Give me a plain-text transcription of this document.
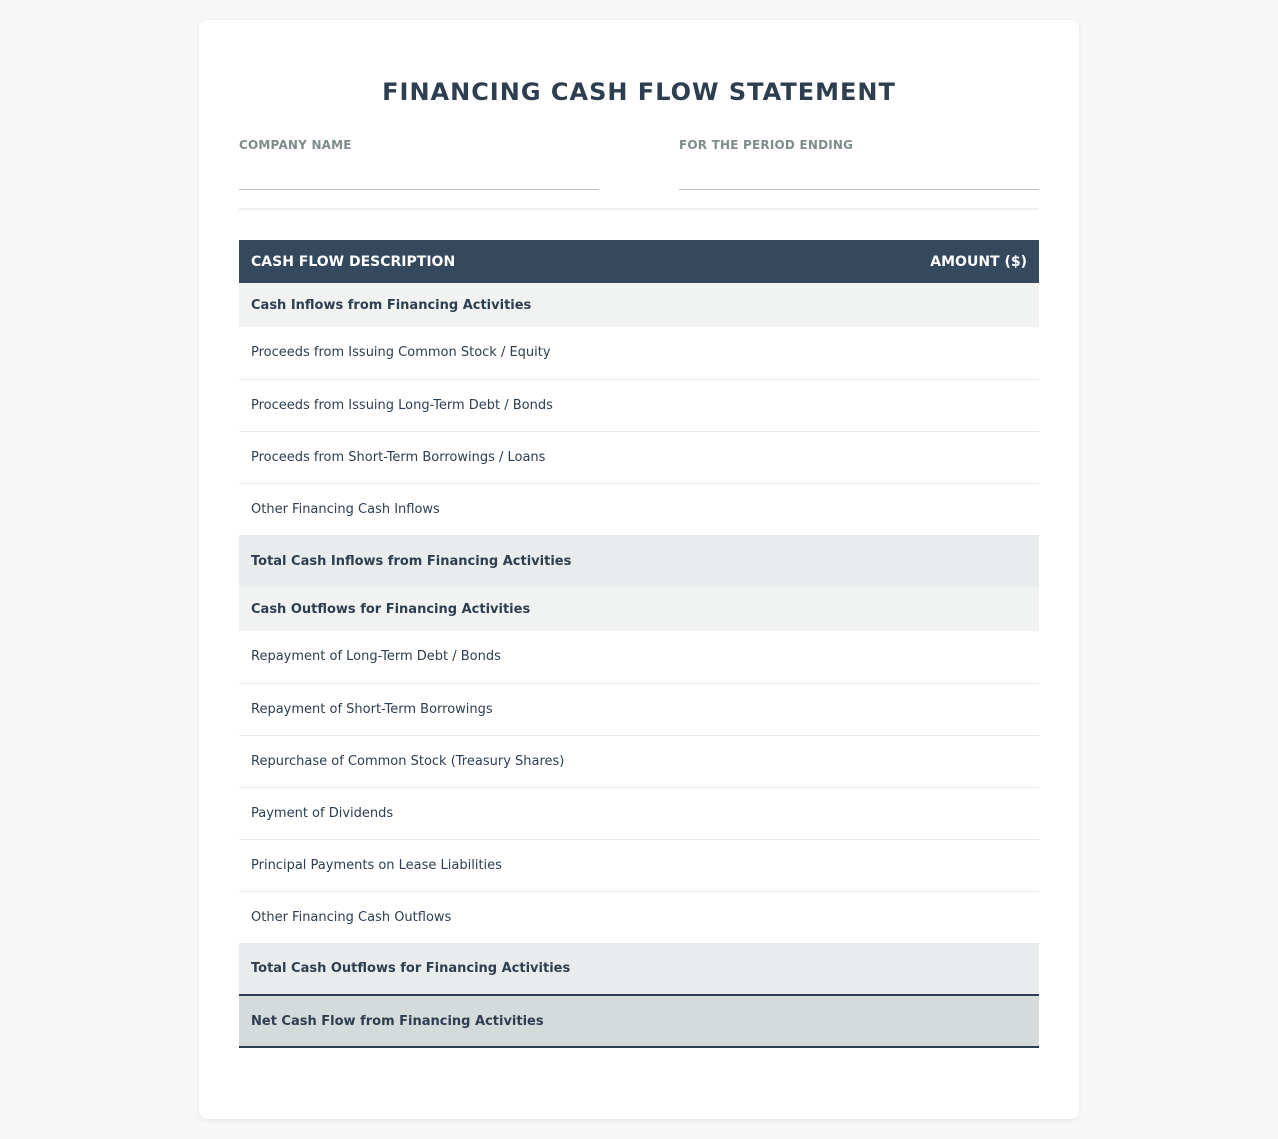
FINANCING CASH FLOW STATEMENT
COMPANY NAME	FOR THE PERIOD ENDING
CASH FLOW DESCRIPTION	AMOUNT ($)
Cash Inflows from Financing Activities	
Proceeds from Issuing Common Stock / Equity	
Proceeds from Issuing Long-Term Debt / Bonds	
Proceeds from Short-Term Borrowings / Loans	
Other Financing Cash Inflows	
Total Cash Inflows from Financing Activities	
Cash Outflows for Financing Activities	
Repayment of Long-Term Debt / Bonds	
Repayment of Short-Term Borrowings	
Repurchase of Common Stock (Treasury Shares)	
Payment of Dividends	
Principal Payments on Lease Liabilities	
Other Financing Cash Outflows	
Total Cash Outflows for Financing Activities	
Net Cash Flow from Financing Activities	
